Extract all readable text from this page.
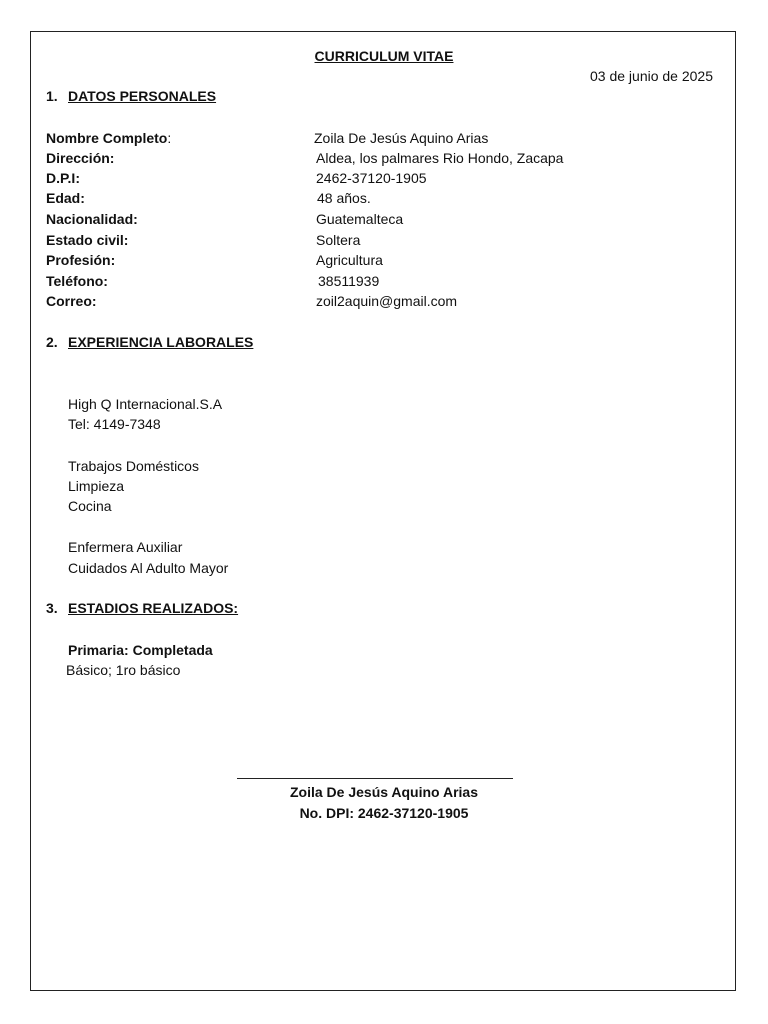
CURRICULUM VITAE
03 de junio de 2025
1. DATOS PERSONALES
Nombre Completo:	Zoila De Jesús Aquino Arias
Dirección:	Aldea, los palmares Rio Hondo, Zacapa
D.P.I:	2462-37120-1905
Edad:	48 años.
Nacionalidad:	Guatemalteca
Estado civil:	Soltera
Profesión:	Agricultura
Teléfono:	38511939
Correo:	zoil2aquin@gmail.com
2. EXPERIENCIA LABORALES
High Q Internacional.S.A
Tel: 4149-7348
Trabajos Domésticos
Limpieza
Cocina
Enfermera Auxiliar
Cuidados Al Adulto Mayor
3. ESTADIOS REALIZADOS:
Primaria: Completada
Básico; 1ro básico
Zoila De Jesús Aquino Arias
No. DPI: 2462-37120-1905
